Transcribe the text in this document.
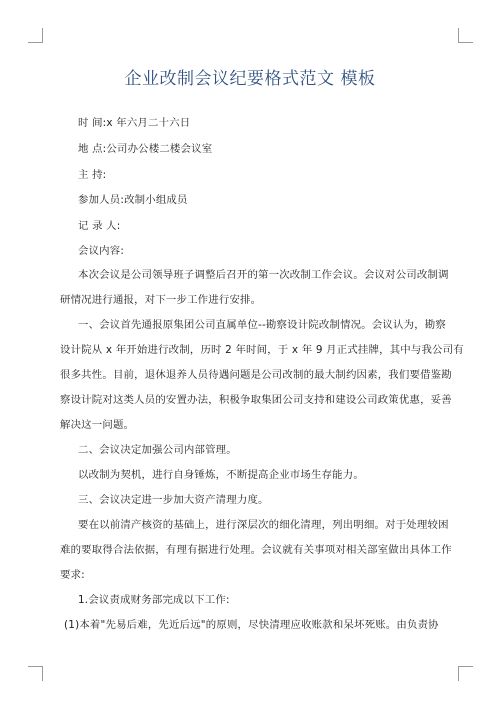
企业改制会议纪要格式范文 模板
时 间:x 年六月二十六日
地 点:公司办公楼二楼会议室
主 持:
参加人员:改制小组成员
记 录 人:
会议内容:
本次会议是公司领导班子调整后召开的第一次改制工作会议。会议对公司改制调
研情况进行通报，对下一步工作进行安排。
一、会议首先通报原集团公司直属单位--勘察设计院改制情况。会议认为，勘察
设计院从 x 年开始进行改制，历时 2 年时间，于 x 年 9 月正式挂牌，其中与我公司有
很多共性。目前，退休退养人员待遇问题是公司改制的最大制约因素，我们要借鉴勘
察设计院对这类人员的安置办法，积极争取集团公司支持和建设公司政策优惠，妥善
解决这一问题。
二、会议决定加强公司内部管理。
以改制为契机，进行自身锤炼，不断提高企业市场生存能力。
三、会议决定进一步加大资产清理力度。
要在以前清产核资的基础上，进行深层次的细化清理，列出明细。对于处理较困
难的要取得合法依据，有理有据进行处理。会议就有关事项对相关部室做出具体工作
要求:
1.会议责成财务部完成以下工作:
(1)本着"先易后难，先近后远"的原则，尽快清理应收账款和呆坏死账。由负责协
